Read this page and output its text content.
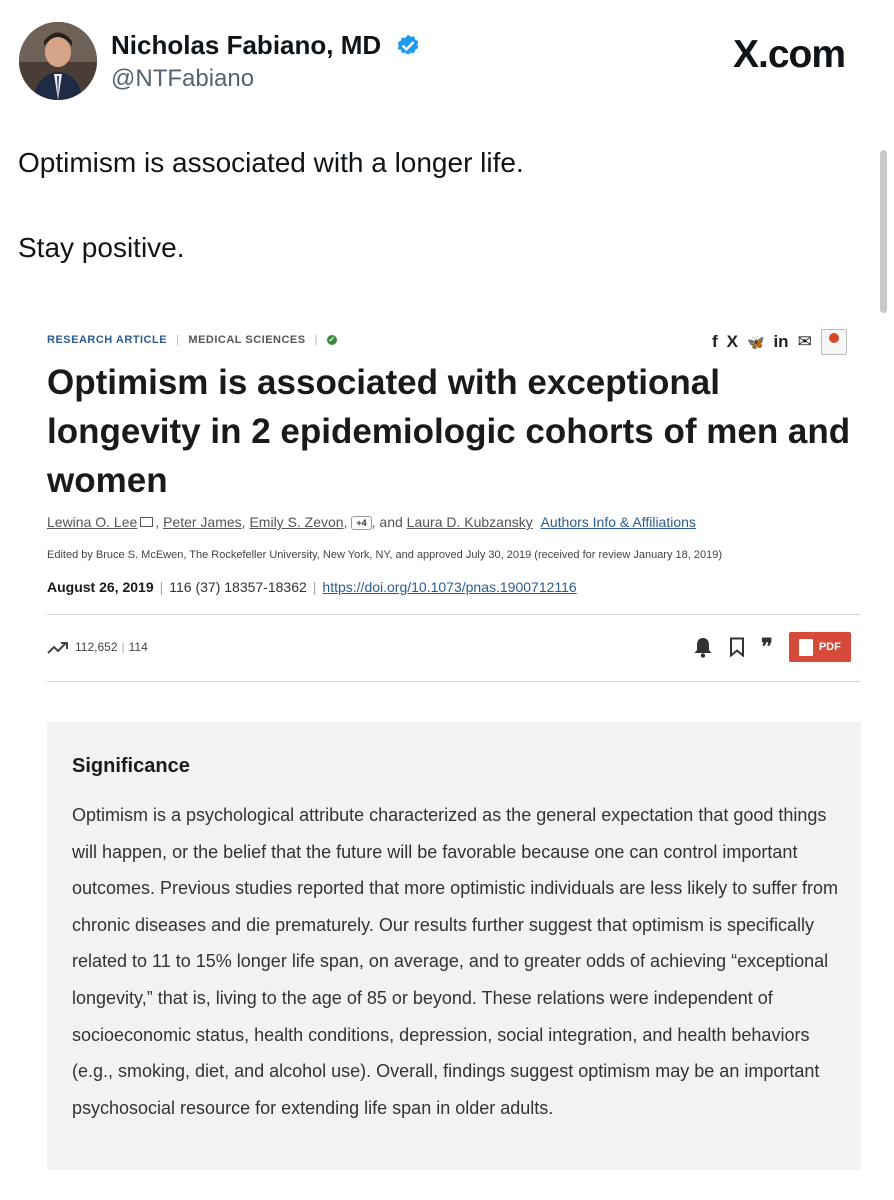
Nicholas Fabiano, MD
@NTFabiano
X.com
Optimism is associated with a longer life.
Stay positive.
RESEARCH ARTICLE | MEDICAL SCIENCES | ✓	f X 🦋 in ✉
Optimism is associated with exceptional longevity in 2 epidemiologic cohorts of men and women
Lewina O. Lee , Peter James, Emily S. Zevon, +4 , and Laura D. Kubzansky Authors Info & Affiliations
Edited by Bruce S. McEwen, The Rockefeller University, New York, NY, and approved July 30, 2019 (received for review January 18, 2019)
August 26, 2019 | 116 (37) 18357-18362 | https://doi.org/10.1073/pnas.1900712116
112,652 | 114	❞	PDF
Significance

Optimism is a psychological attribute characterized as the general expectation that good things will happen, or the belief that the future will be favorable because one can control important outcomes. Previous studies reported that more optimistic individuals are less likely to suffer from chronic diseases and die prematurely. Our results further suggest that optimism is specifically related to 11 to 15% longer life span, on average, and to greater odds of achieving “exceptional longevity,” that is, living to the age of 85 or beyond. These relations were independent of socioeconomic status, health conditions, depression, social integration, and health behaviors (e.g., smoking, diet, and alcohol use). Overall, findings suggest optimism may be an important psychosocial resource for extending life span in older adults.
